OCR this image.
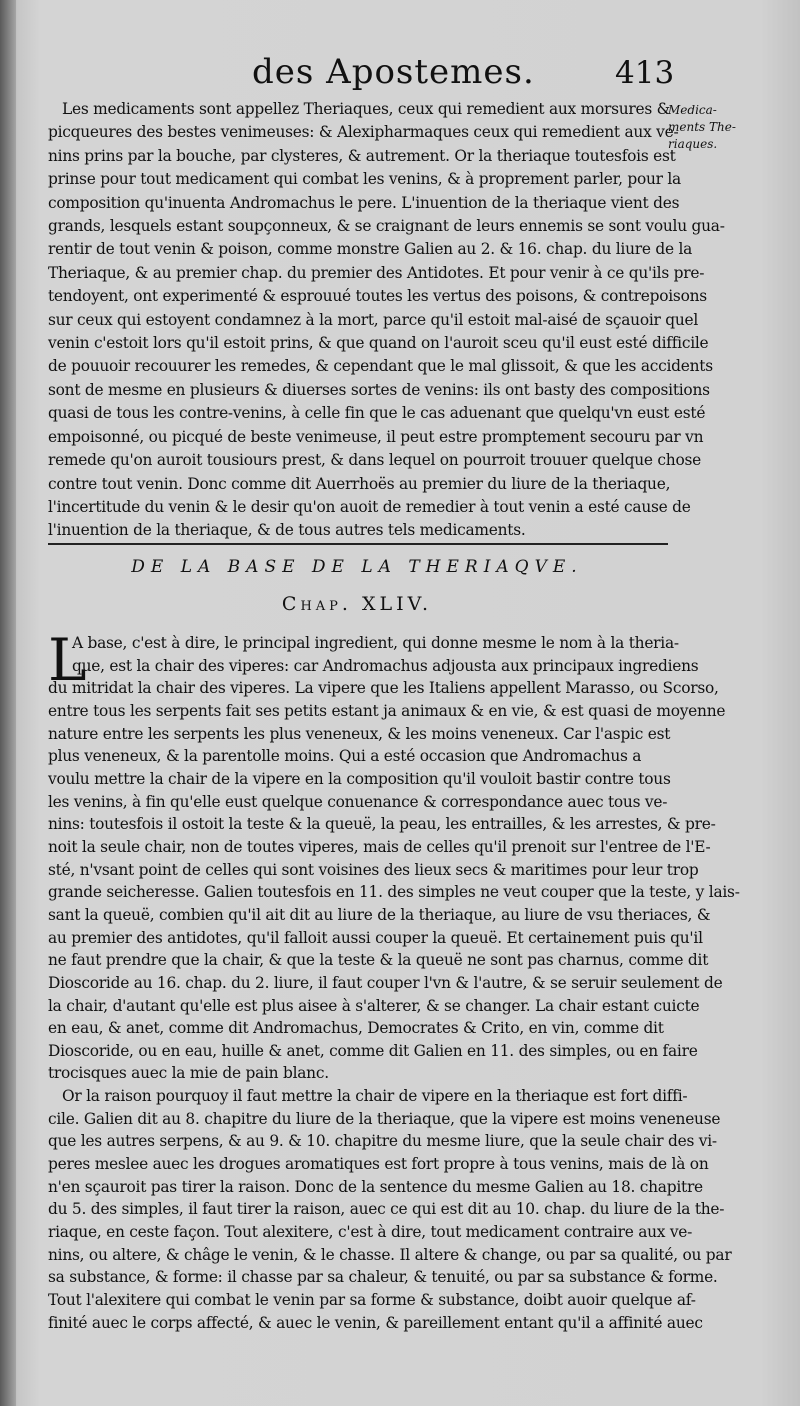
des Apostemes.	413
Medica-
ments The-
riaques.
Les medicaments sont appellez Theriaques, ceux qui remedient aux morsures &
picqueures des bestes venimeuses: & Alexipharmaques ceux qui remedient aux ve-
nins prins par la bouche, par clysteres, & autrement. Or la theriaque toutesfois est
prinse pour tout medicament qui combat les venins, & à proprement parler, pour la
composition qu'inuenta Andromachus le pere. L'inuention de la theriaque vient des
grands, lesquels estant soupçonneux, & se craignant de leurs ennemis se sont voulu gua-
rentir de tout venin & poison, comme monstre Galien au 2. & 16. chap. du liure de la
Theriaque, & au premier chap. du premier des Antidotes. Et pour venir à ce qu'ils pre-
tendoyent, ont experimenté & esprouué toutes les vertus des poisons, & contrepoisons
sur ceux qui estoyent condamnez à la mort, parce qu'il estoit mal-aisé de sçauoir quel
venin c'estoit lors qu'il estoit prins, & que quand on l'auroit sceu qu'il eust esté difficile
de pouuoir recouurer les remedes, & cependant que le mal glissoit, & que les accidents
sont de mesme en plusieurs & diuerses sortes de venins: ils ont basty des compositions
quasi de tous les contre-venins, à celle fin que le cas aduenant que quelqu'vn eust esté
empoisonné, ou picqué de beste venimeuse, il peut estre promptement secouru par vn
remede qu'on auroit tousiours prest, & dans lequel on pourroit trouuer quelque chose
contre tout venin. Donc comme dit Auerrhoës au premier du liure de la theriaque,
l'incertitude du venin & le desir qu'on auoit de remedier à tout venin a esté cause de
l'inuention de la theriaque, & de tous autres tels medicaments.
DE LA BASE DE LA THERIAQVE.
Chap. XLIV.
L
A base, c'est à dire, le principal ingredient, qui donne mesme le nom à la theria-
que, est la chair des viperes: car Andromachus adjousta aux principaux ingrediens
du mitridat la chair des viperes. La vipere que les Italiens appellent Marasso, ou Scorso,
entre tous les serpents fait ses petits estant ja animaux & en vie, & est quasi de moyenne
nature entre les serpents les plus veneneux, & les moins veneneux. Car l'aspic est
plus veneneux, & la parentolle moins. Qui a esté occasion que Andromachus a
voulu mettre la chair de la vipere en la composition qu'il vouloit bastir contre tous
les venins, à fin qu'elle eust quelque conuenance & correspondance auec tous ve-
nins: toutesfois il ostoit la teste & la queuë, la peau, les entrailles, & les arrestes, & pre-
noit la seule chair, non de toutes viperes, mais de celles qu'il prenoit sur l'entree de l'E-
sté, n'vsant point de celles qui sont voisines des lieux secs & maritimes pour leur trop
grande seicheresse. Galien toutesfois en 11. des simples ne veut couper que la teste, y lais-
sant la queuë, combien qu'il ait dit au liure de la theriaque, au liure de vsu theriaces, &
au premier des antidotes, qu'il falloit aussi couper la queuë. Et certainement puis qu'il
ne faut prendre que la chair, & que la teste & la queuë ne sont pas charnus, comme dit
Dioscoride au 16. chap. du 2. liure, il faut couper l'vn & l'autre, & se seruir seulement de
la chair, d'autant qu'elle est plus aisee à s'alterer, & se changer. La chair estant cuicte
en eau, & anet, comme dit Andromachus, Democrates & Crito, en vin, comme dit
Dioscoride, ou en eau, huille & anet, comme dit Galien en 11. des simples, ou en faire
trocisques auec la mie de pain blanc.
Or la raison pourquoy il faut mettre la chair de vipere en la theriaque est fort diffi-
cile. Galien dit au 8. chapitre du liure de la theriaque, que la vipere est moins veneneuse
que les autres serpens, & au 9. & 10. chapitre du mesme liure, que la seule chair des vi-
peres meslee auec les drogues aromatiques est fort propre à tous venins, mais de là on
n'en sçauroit pas tirer la raison. Donc de la sentence du mesme Galien au 18. chapitre
du 5. des simples, il faut tirer la raison, auec ce qui est dit au 10. chap. du liure de la the-
riaque, en ceste façon. Tout alexitere, c'est à dire, tout medicament contraire aux ve-
nins, ou altere, & châge le venin, & le chasse. Il altere & change, ou par sa qualité, ou par
sa substance, & forme: il chasse par sa chaleur, & tenuité, ou par sa substance & forme.
Tout l'alexitere qui combat le venin par sa forme & substance, doibt auoir quelque af-
finité auec le corps affecté, & auec le venin, & pareillement entant qu'il a affinité auec
